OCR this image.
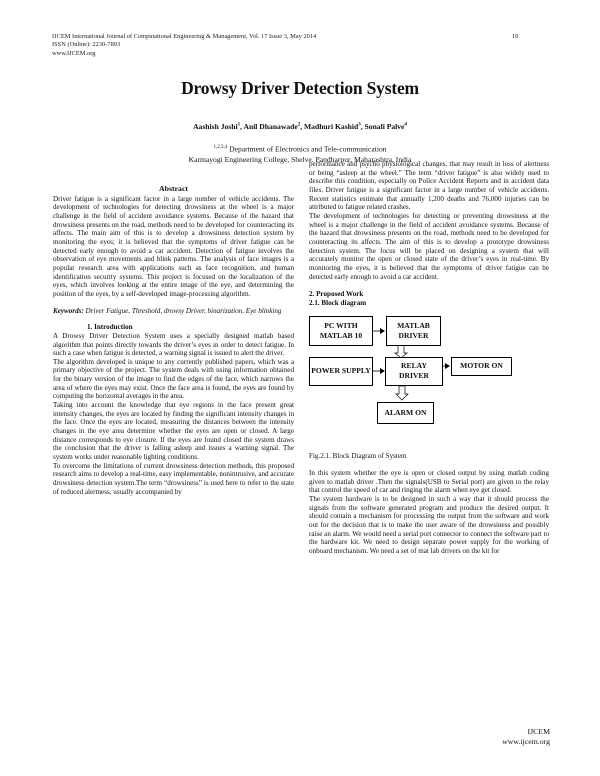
IJCEM International Journal of Computational Engineering & Management, Vol. 17 Issue 3, May 2014
ISSN (Online): 2230-7893
www.IJCEM.org
10
Drowsy Driver Detection System
Aashish Joshi$^1$, Anil Dhanawade$^2$, Madhuri Kashid$^3$, Sonali Palve$^4$
$^{1,2,3,4}$ Department of Electronics and Tele-communication
Karmayogi Engineering College, Shelve. Pandharpur, Maharashtra, India

Abstract

Driver fatigue is a significant factor in a large number of vehicle accidents. The development of technologies for detecting drowsiness at the wheel is a major challenge in the field of accident avoidance systems. Because of the hazard that drowsiness presents on the road, methods need to be developed for counteracting its affects. The main aim of this is to develop a drowsiness detection system by monitoring the eyes; it is believed that the symptoms of driver fatigue can be detected early enough to avoid a car accident. Detection of fatigue involves the observation of eye movements and blink patterns. The analysis of face images is a popular research area with applications such as face recognition, and human identification security systems. This project is focused on the localization of the eyes, which involves looking at the entire image of the eye, and determining the position of the eyes, by a self-developed image-processing algorithm.

Keywords: Driver Fatigue, Threshold, drowsy Driver, binarization, Eye blinking

1. Introduction

A Drowsy Driver Detection System uses a specially designed matlab based algorithm that points directly towards the driver’s eyes in order to detect fatigue. In such a case when fatigue is detected, a warning signal is issued to alert the driver.

The algorithm developed is unique to any currently published papers, which was a primary objective of the project. The system deals with using information obtained for the binary version of the image to find the edges of the face, which narrows the area of where the eyes may exist. Once the face area is found, the eyes are found by computing the horizontal averages in the area.

Taking into account the knowledge that eye regions in the face present great intensity changes, the eyes are located by finding the significant intensity changes in the face. Once the eyes are located, measuring the distances between the intensity changes in the eye area determine whether the eyes are open or closed. A large distance corresponds to eye closure. If the eyes are found closed the system draws the conclusion that the driver is falling asleep and issues a warning signal. The system works under reasonable lighting conditions.

To overcome the limitations of current drowsiness detection methods, this proposed research aims to develop a real-time, easy implementable, nonintrusive, and accurate drowsiness detection system.The term “drowsiness” is used here to refer to the state of reduced alertness, usually accompanied by

performance and psycho physiological changes, that may result in loss of alertness or being “asleep at the wheel.” The term “driver fatigue” is also widely used to describe this condition, especially on Police Accident Reports and in accident data files. Driver fatigue is a significant factor in a large number of vehicle accidents. Recent statistics estimate that annually 1,200 deaths and 76,000 injuries can be attributed to fatigue related crashes.

The development of technologies for detecting or preventing drowsiness at the wheel is a major challenge in the field of accident avoidance systems. Because of the hazard that drowsiness presents on the road, methods need to be developed for counteracting its affects. The aim of this is to develop a prototype drowsiness detection system. The focus will be placed on designing a system that will accurately monitor the open or closed state of the driver’s eyes in real-time. By monitoring the eyes, it is believed that the symptoms of driver fatigue can be detected early enough to avoid a car accident.

2. Proposed Work

2.1. Block diagram

PC WITH MATLAB 10
MATLAB DRIVER
POWER SUPPLY
RELAY DRIVER
MOTOR ON
ALARM ON

Fig.2.1. Block Diagram of System

In this system whether the eye is open or closed output by using matlab coding given to matlab driver .Then the signals(USB to Serial port) are given to the relay that control the speed of car and ringing the alarm when eye get closed.

The system hardware is to be designed in such a way that it should process the signals from the software generated program and produce the desired output. It should contain a mechanism for processing the output from the software and work out for the decision that is to make the user aware of the drowsiness and possibly raise an alarm. We would need a serial port connector to connect the software part to the hardware kit. We need to design separate power supply for the working of onboard mechanism. We need a set of mat lab drivers on the kit for

IJCEM
www.ijcem.org
